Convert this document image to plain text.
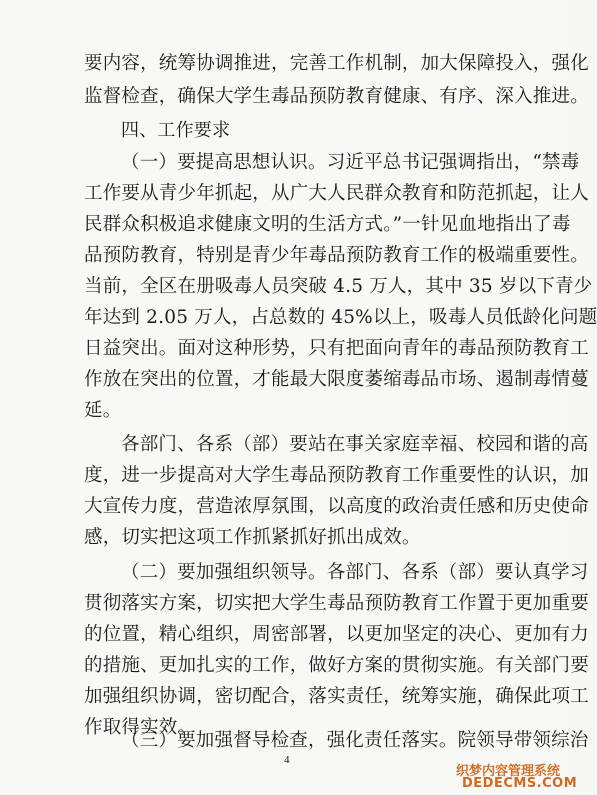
要内容，统筹协调推进，完善工作机制，加大保障投入，强化
监督检查，确保大学生毒品预防教育健康、有序、深入推进。
四、工作要求
（一）要提高思想认识。习近平总书记强调指出，“禁毒
工作要从青少年抓起，从广大人民群众教育和防范抓起，让人
民群众积极追求健康文明的生活方式。”一针见血地指出了毒
品预防教育，特别是青少年毒品预防教育工作的极端重要性。
当前，全区在册吸毒人员突破 4.5 万人，其中 35 岁以下青少
年达到 2.05 万人，占总数的 45%以上，吸毒人员低龄化问题
日益突出。面对这种形势，只有把面向青年的毒品预防教育工
作放在突出的位置，才能最大限度萎缩毒品市场、遏制毒情蔓
延。
各部门、各系（部）要站在事关家庭幸福、校园和谐的高
度，进一步提高对大学生毒品预防教育工作重要性的认识，加
大宣传力度，营造浓厚氛围，以高度的政治责任感和历史使命
感，切实把这项工作抓紧抓好抓出成效。
（二）要加强组织领导。各部门、各系（部）要认真学习
贯彻落实方案，切实把大学生毒品预防教育工作置于更加重要
的位置，精心组织，周密部署，以更加坚定的决心、更加有力
的措施、更加扎实的工作，做好方案的贯彻实施。有关部门要
加强组织协调，密切配合，落实责任，统筹实施，确保此项工
作取得实效。
（三）要加强督导检查，强化责任落实。院领导带领综治
4
织梦内容管理系统
DEDECMS.COM
